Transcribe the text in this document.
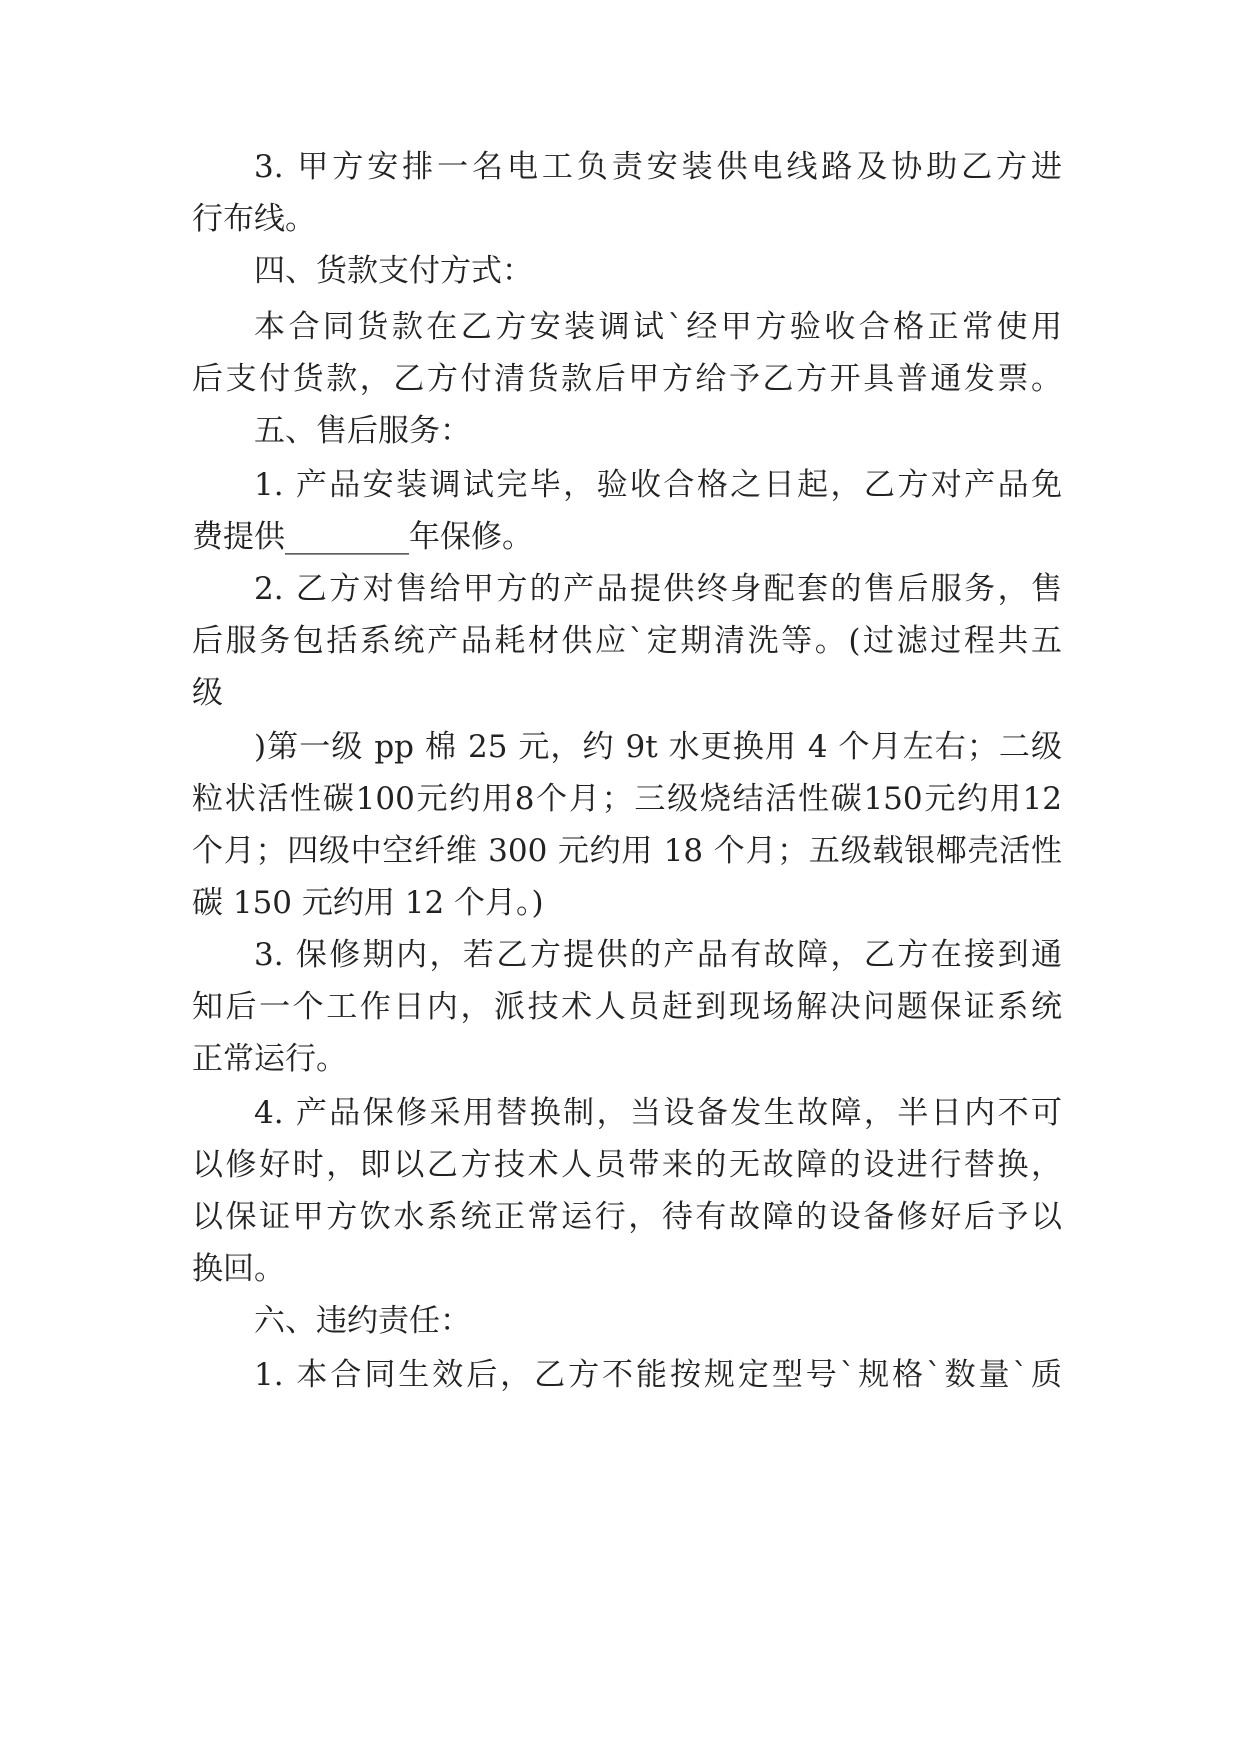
3. 甲方安排一名电工负责安装供电线路及协助乙方进
行布线。
四、货款支付方式：
本合同货款在乙方安装调试`经甲方验收合格正常使用
后支付货款，乙方付清货款后甲方给予乙方开具普通发票。
五、售后服务：
1. 产品安装调试完毕，验收合格之日起，乙方对产品免
费提供________年保修。
2. 乙方对售给甲方的产品提供终身配套的售后服务，售
后服务包括系统产品耗材供应`定期清洗等。(过滤过程共五
级
)第一级 pp 棉 25 元，约 9t 水更换用 4 个月左右；二级
粒状活性碳100元约用8个月；三级烧结活性碳150元约用12
个月；四级中空纤维 300 元约用 18 个月；五级载银椰壳活性
碳 150 元约用 12 个月。)
3. 保修期内，若乙方提供的产品有故障，乙方在接到通
知后一个工作日内，派技术人员赶到现场解决问题保证系统
正常运行。
4. 产品保修采用替换制，当设备发生故障，半日内不可
以修好时，即以乙方技术人员带来的无故障的设进行替换，
以保证甲方饮水系统正常运行，待有故障的设备修好后予以
换回。
六、违约责任：
1. 本合同生效后，乙方不能按规定型号`规格`数量`质
